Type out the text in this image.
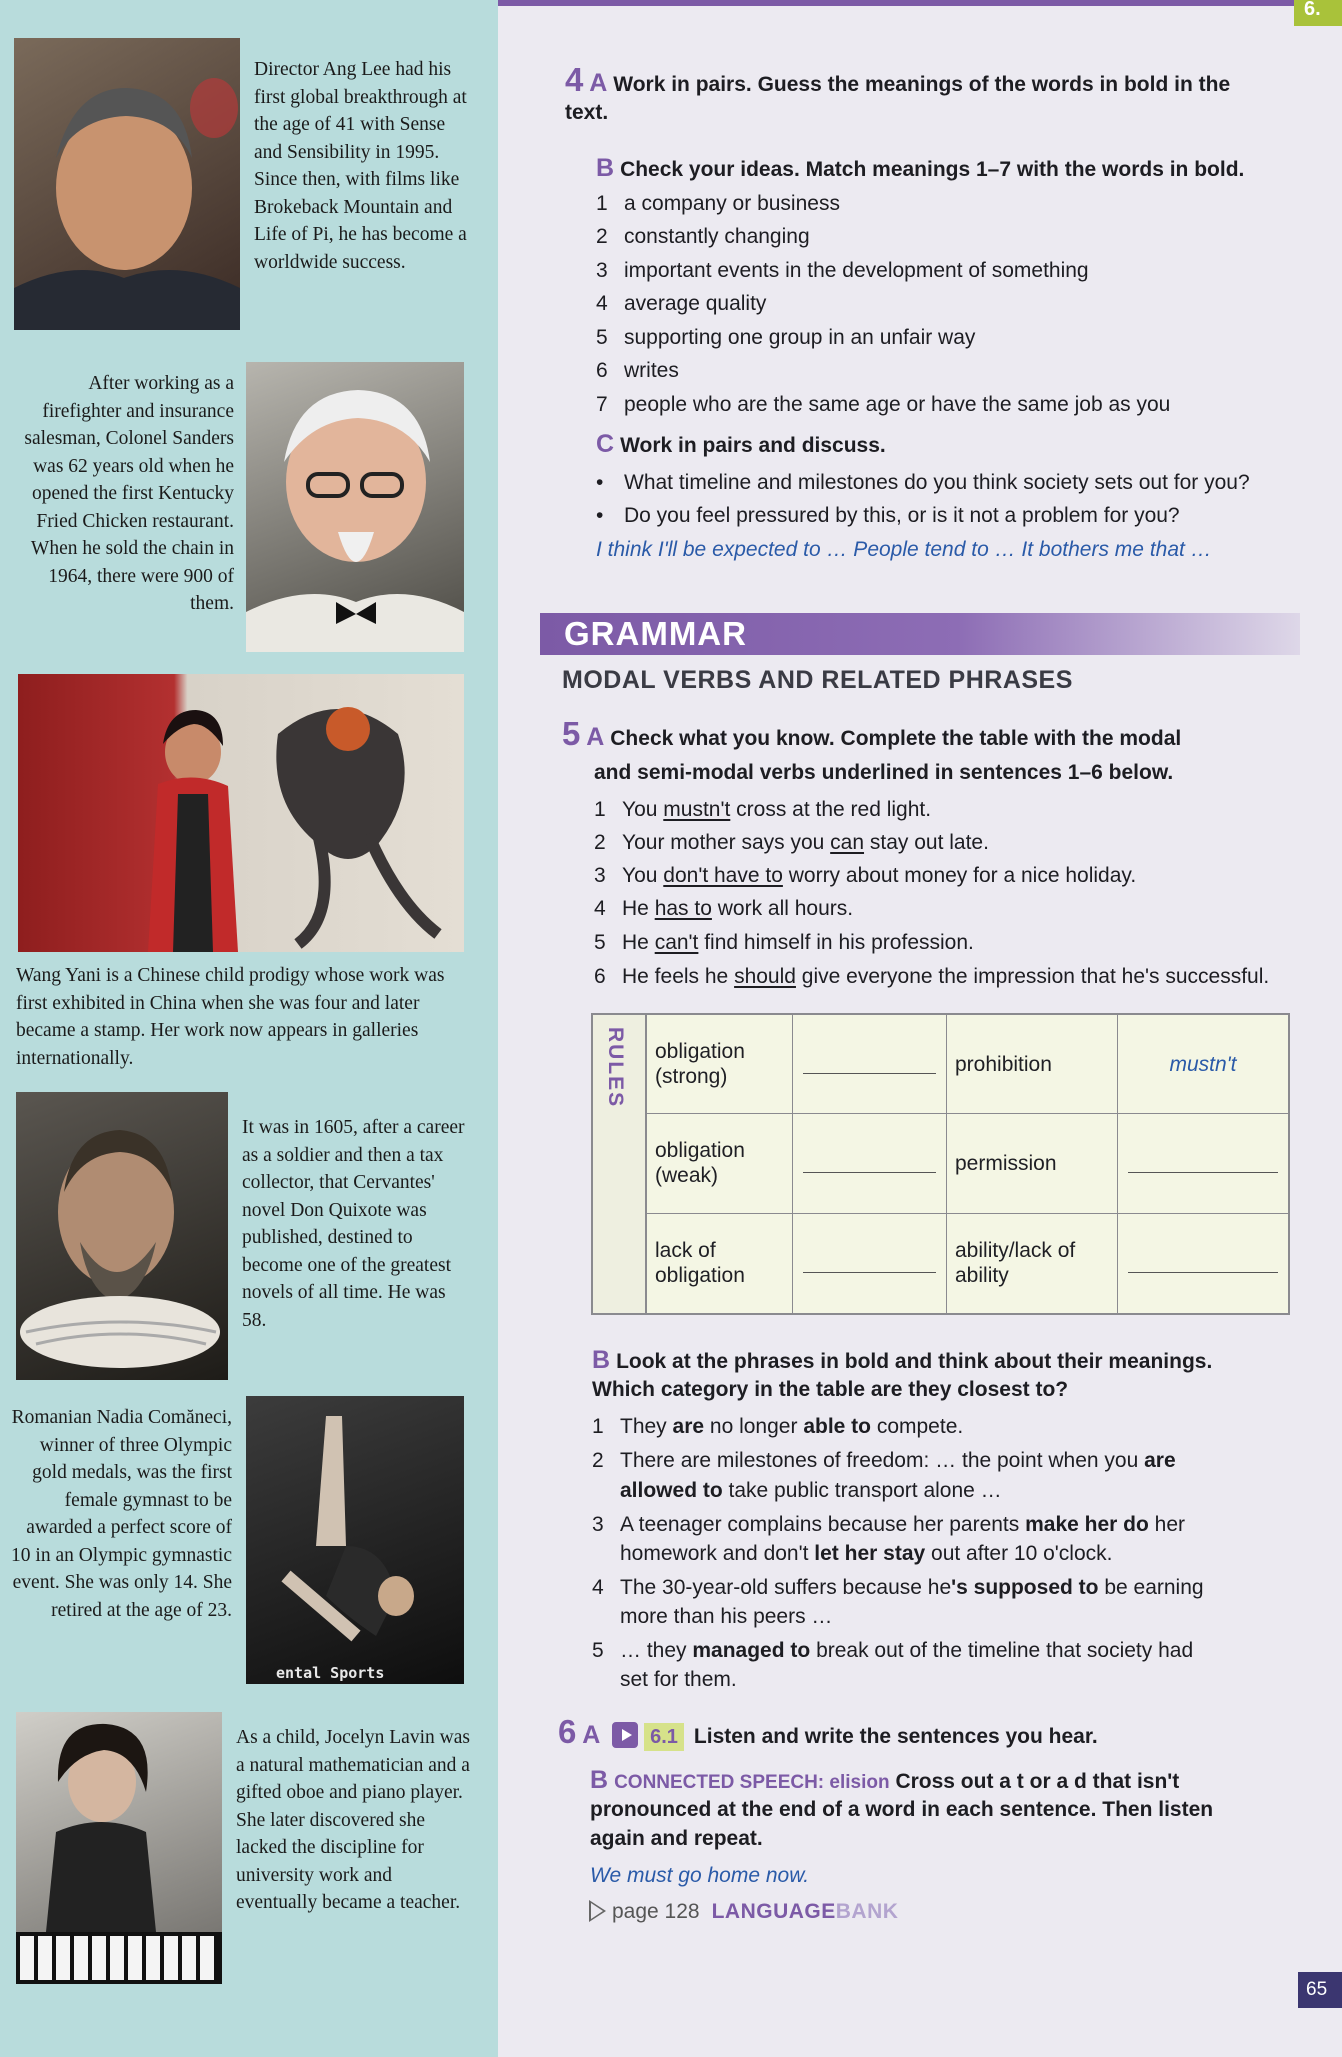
6.
Director Ang Lee had his first global breakthrough at the age of 41 with Sense and Sensibility in 1995. Since then, with films like Brokeback Mountain and Life of Pi, he has become a worldwide success.
After working as a firefighter and insurance salesman, Colonel Sanders was 62 years old when he opened the first Kentucky Fried Chicken restaurant. When he sold the chain in 1964, there were 900 of them.
Wang Yani is a Chinese child prodigy whose work was first exhibited in China when she was four and later became a stamp. Her work now appears in galleries internationally.
It was in 1605, after a career as a soldier and then a tax collector, that Cervantes' novel Don Quixote was published, destined to become one of the greatest novels of all time. He was 58.
ental Sports
Romanian Nadia Comăneci, winner of three Olympic gold medals, was the first female gymnast to be awarded a perfect score of 10 in an Olympic gymnastic event. She was only 14. She retired at the age of 23.
As a child, Jocelyn Lavin was a natural mathematician and a gifted oboe and piano player. She later discovered she lacked the discipline for university work and eventually became a teacher.
4 A Work in pairs. Guess the meanings of the words in bold in the text.
B Check your ideas. Match meanings 1–7 with the words in bold.
1 a company or business
2 constantly changing
3 important events in the development of something
4 average quality
5 supporting one group in an unfair way
6 writes
7 people who are the same age or have the same job as you
C Work in pairs and discuss.
• What timeline and milestones do you think society sets out for you?
• Do you feel pressured by this, or is it not a problem for you?
I think I'll be expected to … People tend to … It bothers me that …
GRAMMAR
MODAL VERBS AND RELATED PHRASES
5 A Check what you know. Complete the table with the modal
and semi-modal verbs underlined in sentences 1–6 below.
1 You mustn't cross at the red light.
2 Your mother says you can stay out late.
3 You don't have to worry about money for a nice holiday.
4 He has to work all hours.
5 He can't find himself in his profession.
6 He feels he should give everyone the impression that he's successful.
RULES	obligation (strong)
prohibition	mustn't
obligation (weak)
permission
lack of obligation
ability/lack of ability
B Look at the phrases in bold and think about their meanings.
Which category in the table are they closest to?
1 They are no longer able to compete.
2 There are milestones of freedom: … the point when you are
allowed to take public transport alone …
3 A teenager complains because her parents make her do her
homework and don't let her stay out after 10 o'clock.
4 The 30-year-old suffers because he's supposed to be earning
more than his peers …
5 … they managed to break out of the timeline that society had
set for them.
6 A 6.1 Listen and write the sentences you hear.
B CONNECTED SPEECH: elision Cross out a t or a d that isn't
pronounced at the end of a word in each sentence. Then listen
again and repeat.
We must go home now.
page 128 LANGUAGEBANK
65
